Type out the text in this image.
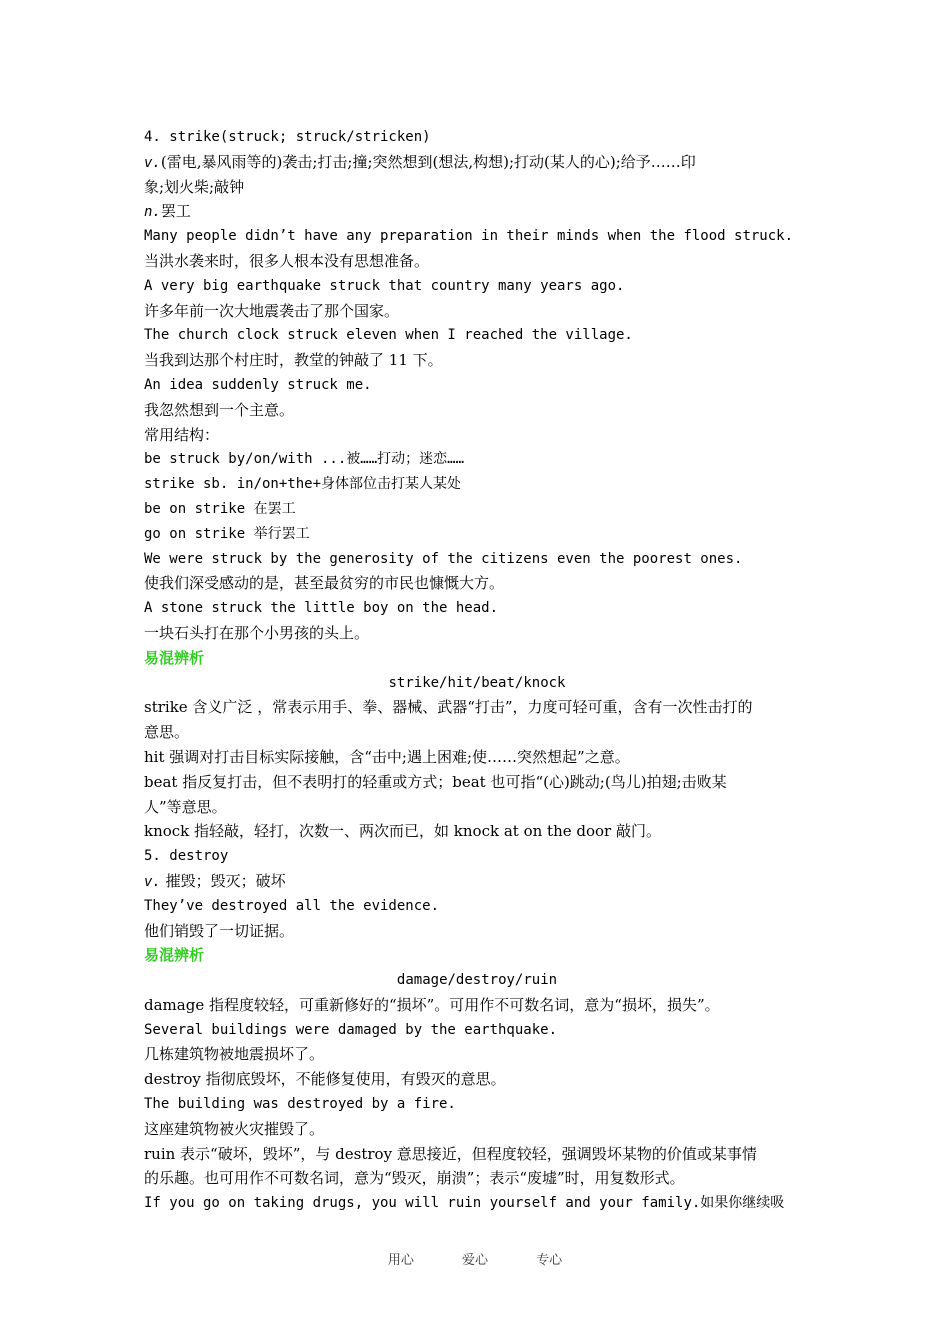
4. strike(struck; struck/stricken)
v.(雷电,暴风雨等的)袭击;打击;撞;突然想到(想法,构想);打动(某人的心);给予……印
象;划火柴;敲钟
n.罢工
Many people didn’t have any preparation in their minds when the flood struck.
当洪水袭来时，很多人根本没有思想准备。
A very big earthquake struck that country many years ago.
许多年前一次大地震袭击了那个国家。
The church clock struck eleven when I reached the village.
当我到达那个村庄时，教堂的钟敲了 11 下。
An idea suddenly struck me.
我忽然想到一个主意。
常用结构：
be struck by/on/with ...被……打动；迷恋……
strike sb. in/on+the+身体部位击打某人某处
be on strike 在罢工
go on strike 举行罢工
We were struck by the generosity of the citizens even the poorest ones.
使我们深受感动的是，甚至最贫穷的市民也慷慨大方。
A stone struck the little boy on the head.
一块石头打在那个小男孩的头上。
易混辨析
strike/hit/beat/knock
strike 含义广泛 ，常表示用手、拳、器械、武器“打击”，力度可轻可重，含有一次性击打的
意思。
hit 强调对打击目标实际接触，含“击中;遇上困难;使……突然想起”之意。
beat 指反复打击，但不表明打的轻重或方式；beat 也可指“(心)跳动;(鸟儿)拍翅;击败某
人”等意思。
knock 指轻敲，轻打，次数一、两次而已，如 knock at on the door 敲门。
5. destroy
v. 摧毁；毁灭；破坏
They’ve destroyed all the evidence.
他们销毁了一切证据。
易混辨析
damage/destroy/ruin
damage 指程度较轻，可重新修好的“损坏”。可用作不可数名词，意为“损坏，损失”。
Several buildings were damaged by the earthquake.
几栋建筑物被地震损坏了。
destroy 指彻底毁坏，不能修复使用，有毁灭的意思。
The building was destroyed by a fire.
这座建筑物被火灾摧毁了。
ruin 表示“破坏，毁坏”，与 destroy 意思接近，但程度较轻，强调毁坏某物的价值或某事情
的乐趣。也可用作不可数名词，意为“毁灭，崩溃”；表示“废墟”时，用复数形式。
If you go on taking drugs, you will ruin yourself and your family.如果你继续吸
用心	爱心	专心
